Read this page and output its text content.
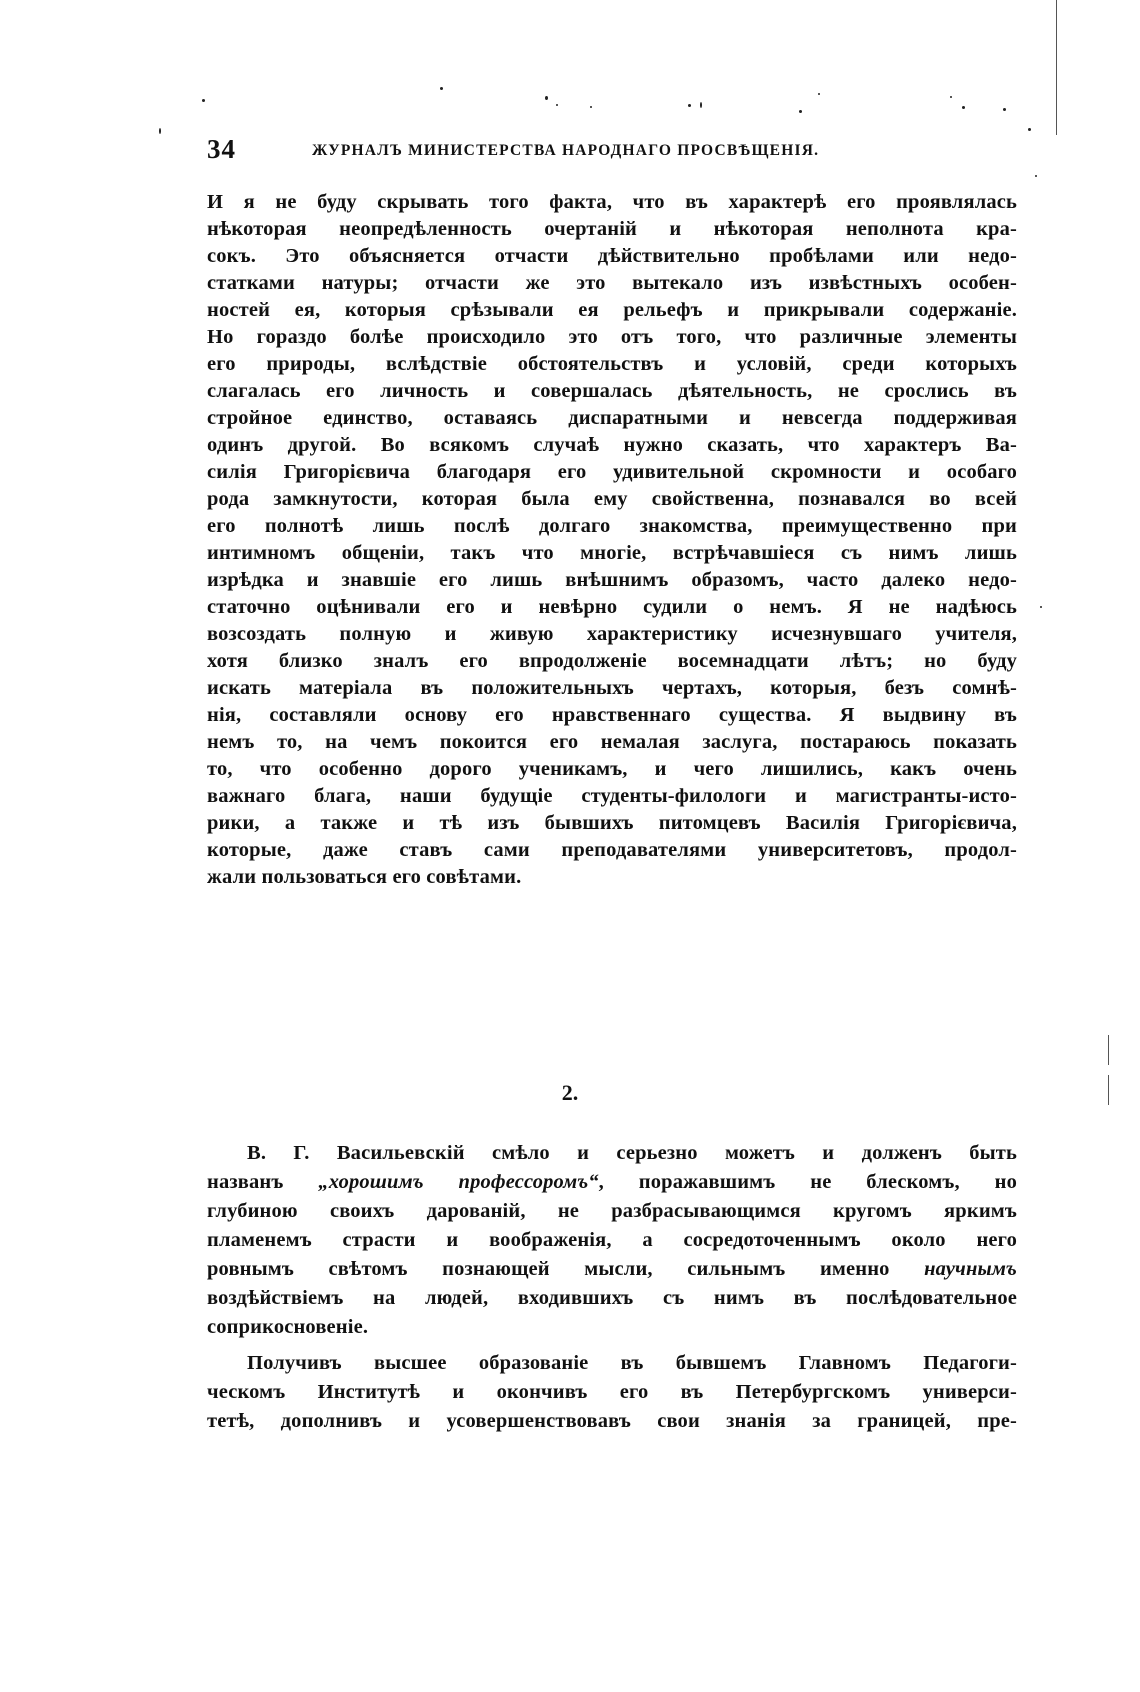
34	ЖУРНАЛЪ МИНИСТЕРСТВА НАРОДНАГО ПРОСВѢЩЕНІЯ.
И я не буду скрывать того факта, что въ характерѣ его проявлялась
нѣкоторая неопредѣленность очертаній и нѣкоторая неполнота кра-
сокъ. Это объясняется отчасти дѣйствительно пробѣлами или недо-
статками натуры; отчасти же это вытекало изъ извѣстныхъ особен-
ностей ея, которыя срѣзывали ея рельефъ и прикрывали содержаніе.
Но гораздо болѣе происходило это отъ того, что различные элементы
его природы, вслѣдствіе обстоятельствъ и условій, среди которыхъ
слагалась его личность и совершалась дѣятельность, не срослись въ
стройное единство, оставаясь диспаратными и невсегда поддерживая
одинъ другой. Во всякомъ случаѣ нужно сказать, что характеръ Ва-
силія Григорієвича благодаря его удивительной скромности и особаго
рода замкнутости, которая была ему свойственна, познавался во всей
его полнотѣ лишь послѣ долгаго знакомства, преимущественно при
интимномъ общеніи, такъ что многіе, встрѣчавшіеся съ нимъ лишь
изрѣдка и знавшіе его лишь внѣшнимъ образомъ, часто далеко недо-
статочно оцѣнивали его и невѣрно судили о немъ. Я не надѣюсь
возсоздать полную и живую характеристику исчезнувшаго учителя,
хотя близко зналъ его впродолженіе восемнадцати лѣтъ; но буду
искать матеріала въ положительныхъ чертахъ, которыя, безъ сомнѣ-
нія, составляли основу его нравственнаго существа. Я выдвину въ
немъ то, на чемъ покоится его немалая заслуга, постараюсь показать
то, что особенно дорого ученикамъ, и чего лишились, какъ очень
важнаго блага, наши будущіе студенты-филологи и магистранты-исто-
рики, а также и тѣ изъ бывшихъ питомцевъ Василія Григорієвича,
которые, даже ставъ сами преподавателями университетовъ, продол-
жали пользоваться его совѣтами.
2.
В. Г. Васильевскій смѣло и серьезно можетъ и долженъ быть
названъ „хорошимъ профессоромъ“, поражавшимъ не блескомъ, но
глубиною своихъ дарованій, не разбрасывающимся кругомъ яркимъ
пламенемъ страсти и воображенія, а сосредоточеннымъ около него
ровнымъ свѣтомъ познающей мысли, сильнымъ именно научнымъ
воздѣйствіемъ на людей, входившихъ съ нимъ въ послѣдовательное
соприкосновеніе.
Получивъ высшее образованіе въ бывшемъ Главномъ Педагоги-
ческомъ Институтѣ и окончивъ его въ Петербургскомъ универси-
тетѣ, дополнивъ и усовершенствовавъ свои знанія за границей, пре-
